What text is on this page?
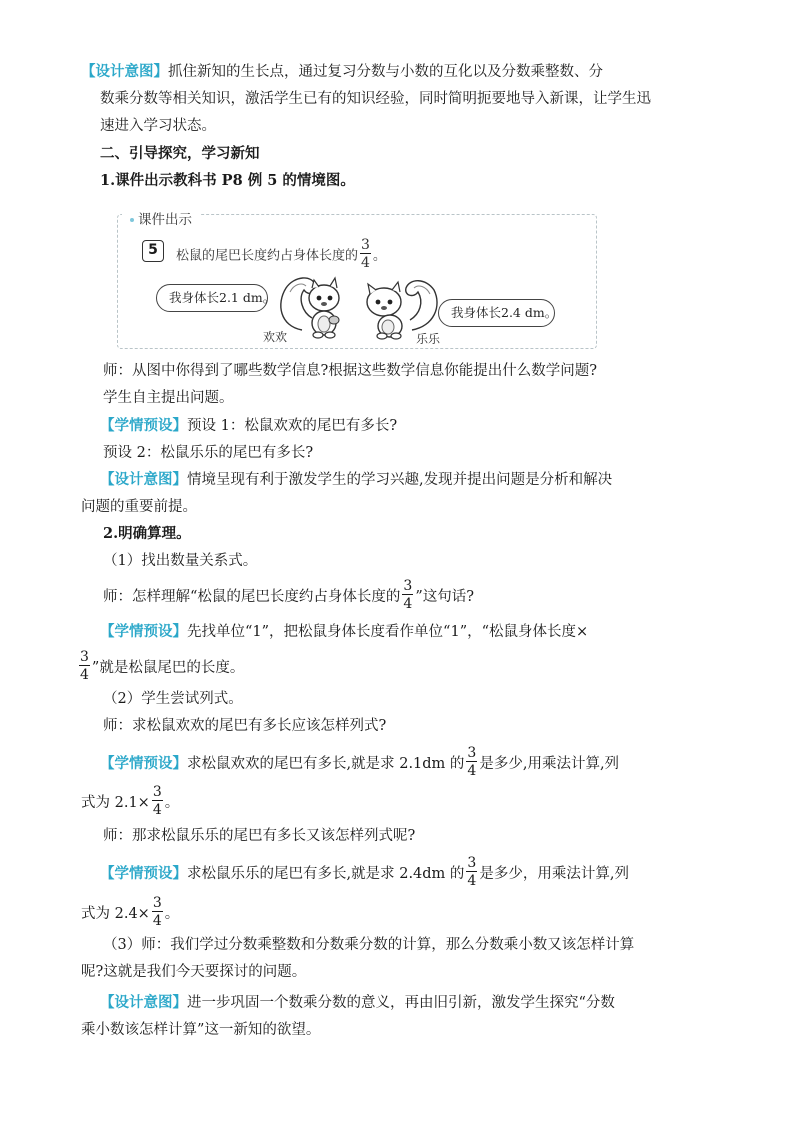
【设计意图】抓住新知的生长点，通过复习分数与小数的互化以及分数乘整数、分
数乘分数等相关知识，激活学生已有的知识经验，同时简明扼要地导入新课，让学生迅
速进入学习状态。
二、引导探究，学习新知
1.课件出示教科书 P8 例 5 的情境图。
课件出示
5	松鼠的尾巴长度约占身体长度的 $\frac{3}{4}$ 。
我身体长2.1 dm。
我身体长2.4 dm。
欢欢	乐乐
师：从图中你得到了哪些数学信息?根据这些数学信息你能提出什么数学问题?
学生自主提出问题。
【学情预设】预设 1：松鼠欢欢的尾巴有多长?
预设 2：松鼠乐乐的尾巴有多长?
【设计意图】情境呈现有利于激发学生的学习兴趣,发现并提出问题是分析和解决
问题的重要前提。
2.明确算理。
（1）找出数量关系式。
师：怎样理解“松鼠的尾巴长度约占身体长度的 $\frac{3}{4}$ ”这句话?
【学情预设】先找单位“1”，把松鼠身体长度看作单位“1”，“松鼠身体长度×
$\frac{3}{4}$ ”就是松鼠尾巴的长度。
（2）学生尝试列式。
师：求松鼠欢欢的尾巴有多长应该怎样列式?
【学情预设】求松鼠欢欢的尾巴有多长,就是求 2.1dm 的 $\frac{3}{4}$ 是多少,用乘法计算,列
式为 $2.1\times \frac{3}{4}$ 。
师：那求松鼠乐乐的尾巴有多长又该怎样列式呢?
【学情预设】求松鼠乐乐的尾巴有多长,就是求 2.4dm 的 $\frac{3}{4}$ 是多少，用乘法计算,列
式为 $2.4\times \frac{3}{4}$ 。
（3）师：我们学过分数乘整数和分数乘分数的计算，那么分数乘小数又该怎样计算
呢?这就是我们今天要探讨的问题。
【设计意图】进一步巩固一个数乘分数的意义，再由旧引新，激发学生探究“分数
乘小数该怎样计算”这一新知的欲望。
